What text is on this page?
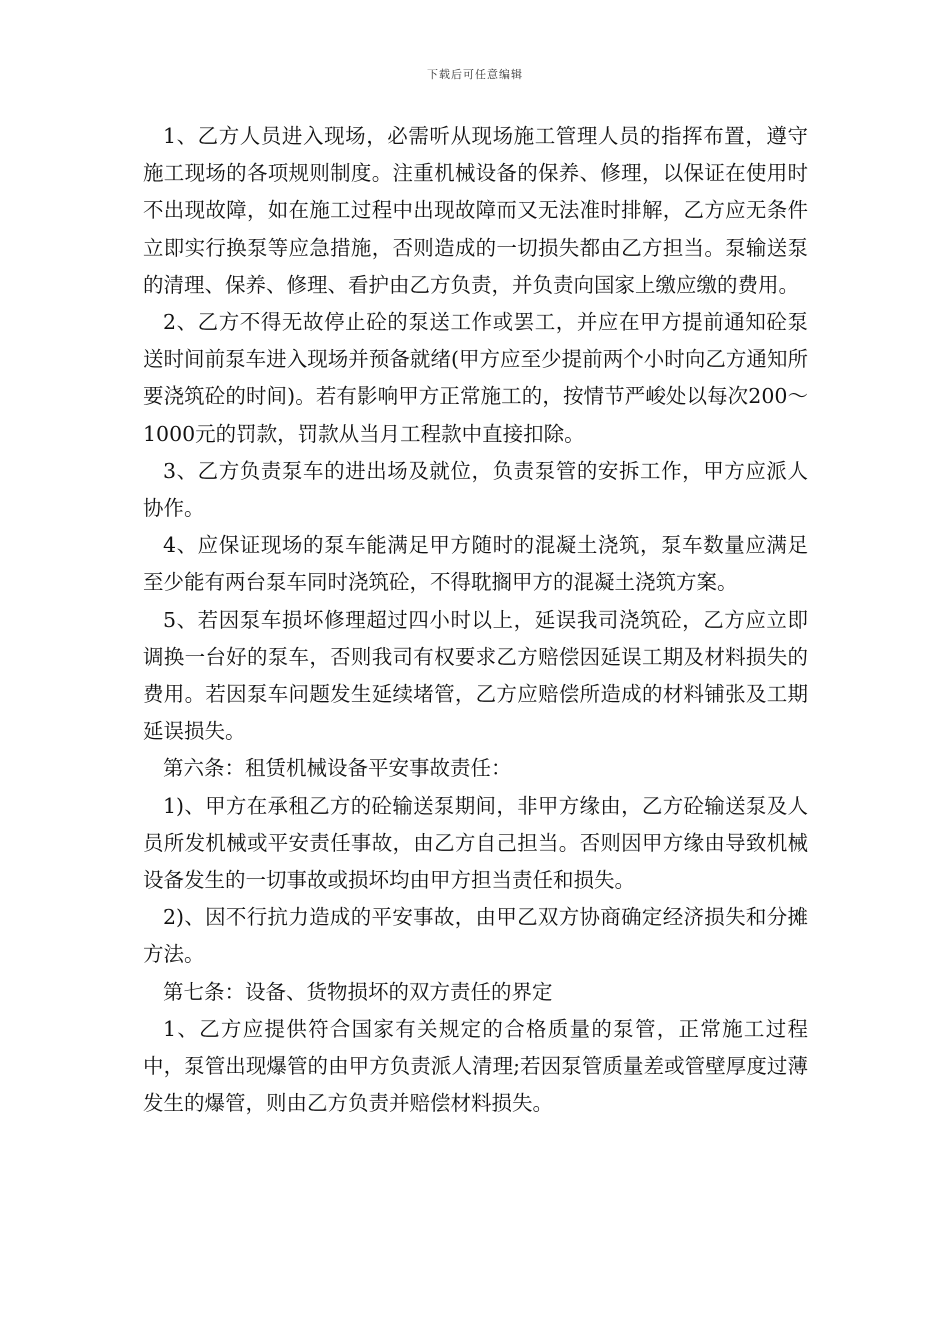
下载后可任意编辑

1、乙方人员进入现场，必需听从现场施工管理人员的指挥布置，遵守施工现场的各项规则制度。注重机械设备的保养、修理，以保证在使用时不出现故障，如在施工过程中出现故障而又无法准时排解，乙方应无条件立即实行换泵等应急措施，否则造成的一切损失都由乙方担当。泵输送泵的清理、保养、修理、看护由乙方负责，并负责向国家上缴应缴的费用。

2、乙方不得无故停止砼的泵送工作或罢工，并应在甲方提前通知砼泵送时间前泵车进入现场并预备就绪(甲方应至少提前两个小时向乙方通知所要浇筑砼的时间)。若有影响甲方正常施工的，按情节严峻处以每次200～1000元的罚款，罚款从当月工程款中直接扣除。

3、乙方负责泵车的进出场及就位，负责泵管的安拆工作，甲方应派人协作。

4、应保证现场的泵车能满足甲方随时的混凝土浇筑，泵车数量应满足至少能有两台泵车同时浇筑砼，不得耽搁甲方的混凝土浇筑方案。

5、若因泵车损坏修理超过四小时以上，延误我司浇筑砼，乙方应立即调换一台好的泵车，否则我司有权要求乙方赔偿因延误工期及材料损失的费用。若因泵车问题发生延续堵管，乙方应赔偿所造成的材料铺张及工期延误损失。

第六条：租赁机械设备平安事故责任：

1)、甲方在承租乙方的砼输送泵期间，非甲方缘由，乙方砼输送泵及人员所发机械或平安责任事故，由乙方自己担当。否则因甲方缘由导致机械设备发生的一切事故或损坏均由甲方担当责任和损失。

2)、因不行抗力造成的平安事故，由甲乙双方协商确定经济损失和分摊方法。

第七条：设备、货物损坏的双方责任的界定

1、乙方应提供符合国家有关规定的合格质量的泵管，正常施工过程中，泵管出现爆管的由甲方负责派人清理;若因泵管质量差或管壁厚度过薄发生的爆管，则由乙方负责并赔偿材料损失。
